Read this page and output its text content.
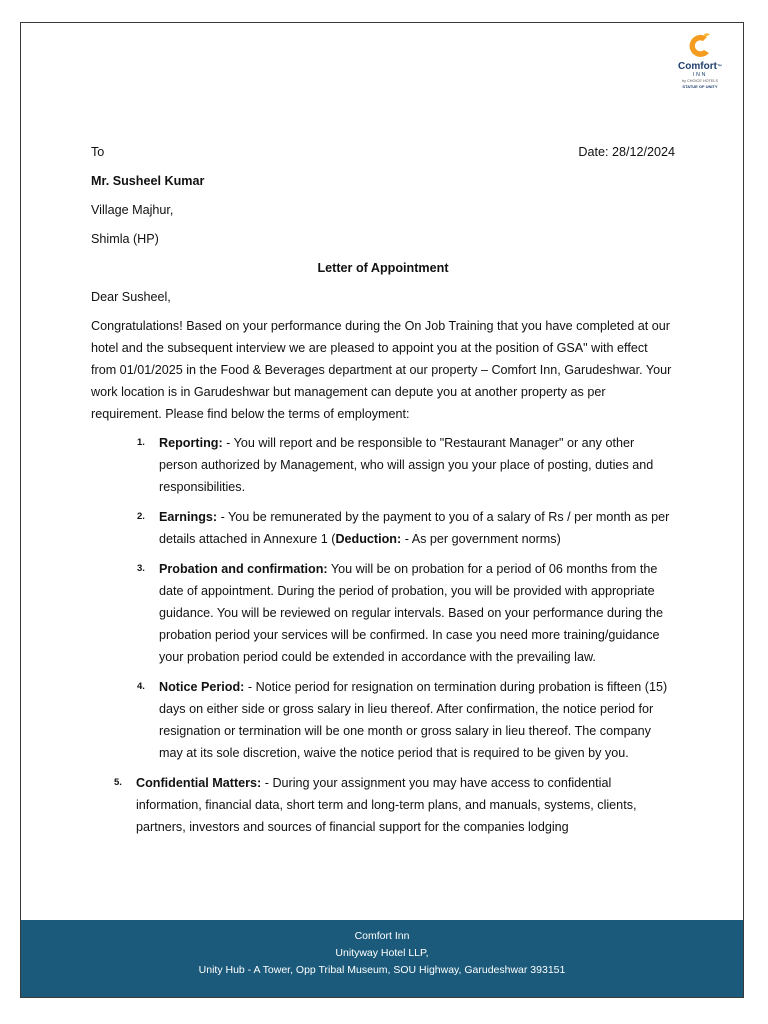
Comfort™
INN
by CHOICE HOTELS
STATUE OF UNITY
To	Date: 28/12/2024

Mr. Susheel Kumar

Village Majhur,

Shimla (HP)

Letter of Appointment

Dear Susheel,

Congratulations! Based on your performance during the On Job Training that you have completed at our hotel and the subsequent interview we are pleased to appoint you at the position of GSA" with effect from 01/01/2025 in the Food & Beverages department at our property – Comfort Inn, Garudeshwar. Your work location is in Garudeshwar but management can depute you at another property as per requirement. Please find below the terms of employment:

1. Reporting: - You will report and be responsible to "Restaurant Manager" or any other person authorized by Management, who will assign you your place of posting, duties and responsibilities.
2. Earnings: - You be remunerated by the payment to you of a salary of Rs / per month as per details attached in Annexure 1 (Deduction: - As per government norms)
3. Probation and confirmation: You will be on probation for a period of 06 months from the date of appointment. During the period of probation, you will be provided with appropriate guidance. You will be reviewed on regular intervals. Based on your performance during the probation period your services will be confirmed. In case you need more training/guidance your probation period could be extended in accordance with the prevailing law.
4. Notice Period: - Notice period for resignation on termination during probation is fifteen (15) days on either side or gross salary in lieu thereof. After confirmation, the notice period for resignation or termination will be one month or gross salary in lieu thereof. The company may at its sole discretion, waive the notice period that is required to be given by you.
5. Confidential Matters: - During your assignment you may have access to confidential information, financial data, short term and long-term plans, and manuals, systems, clients, partners, investors and sources of financial support for the companies lodging
Comfort Inn
Unityway Hotel LLP,
Unity Hub - A Tower, Opp Tribal Museum, SOU Highway, Garudeshwar 393151
